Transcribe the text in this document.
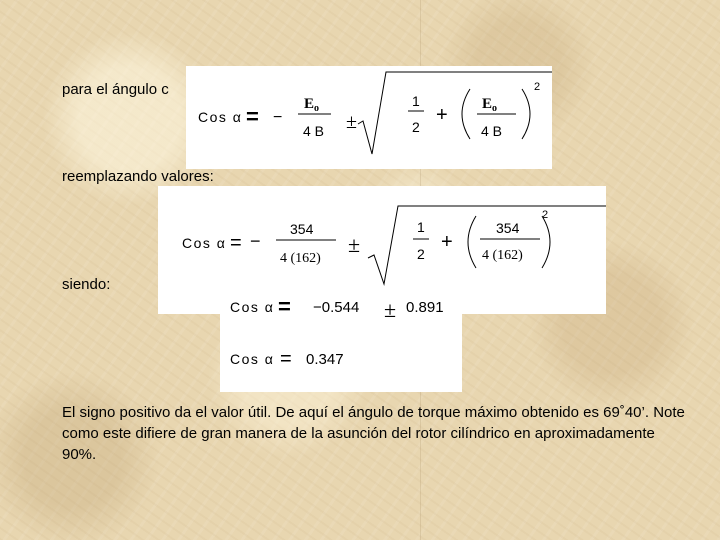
para el ángulo c
Cos α = −
E o
4 B ±
1
2
+ E o
4 B
2
reemplazando valores:
Cos α = −
354
4 (162)
±
1
2
+
354
4 (162)
2
siendo:
Cos α = −0.544 ± 0.891
Cos α = 0.347
El signo positivo da el valor útil. De aquí el ángulo de torque máximo obtenido es 69˚40’. Note como este difiere de gran manera de la asunción del rotor cilíndrico en aproximadamente 90%.
